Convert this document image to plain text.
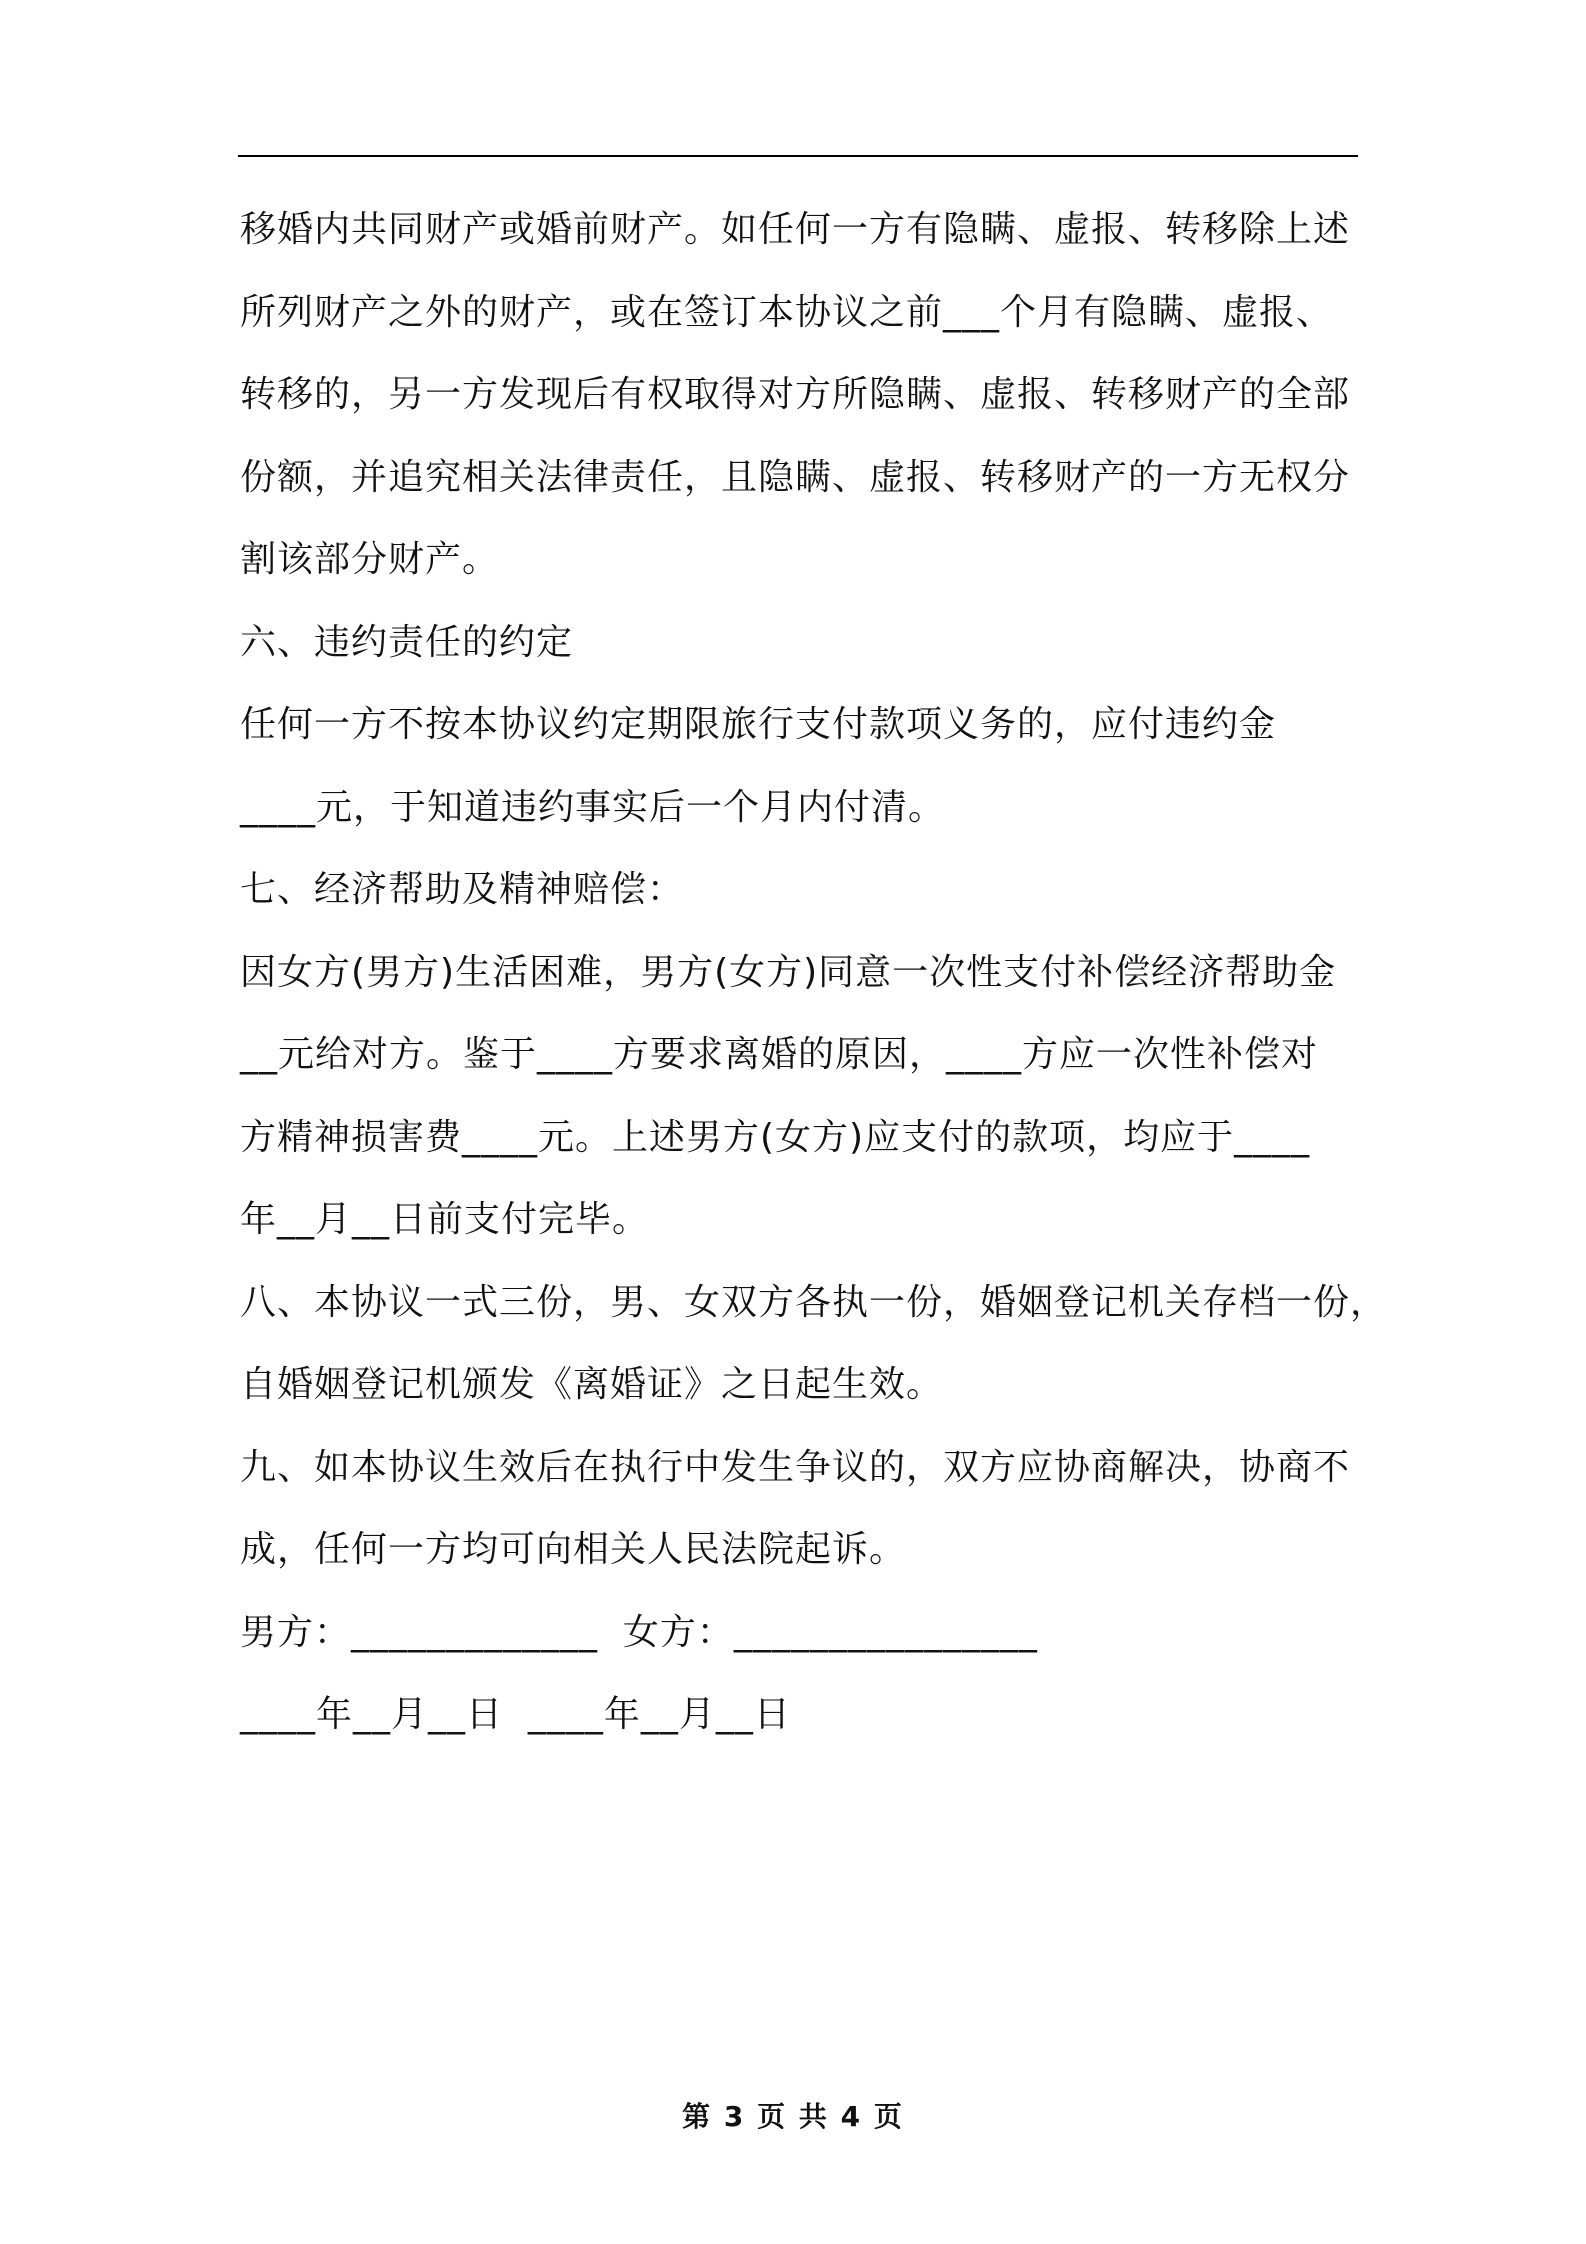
移婚内共同财产或婚前财产。如任何一方有隐瞒、虚报、转移除上述
所列财产之外的财产，或在签订本协议之前___个月有隐瞒、虚报、
转移的，另一方发现后有权取得对方所隐瞒、虚报、转移财产的全部
份额，并追究相关法律责任，且隐瞒、虚报、转移财产的一方无权分
割该部分财产。
六、违约责任的约定
任何一方不按本协议约定期限旅行支付款项义务的，应付违约金
____元，于知道违约事实后一个月内付清。
七、经济帮助及精神赔偿：
因女方(男方)生活困难，男方(女方)同意一次性支付补偿经济帮助金
__元给对方。鉴于____方要求离婚的原因，____方应一次性补偿对
方精神损害费____元。上述男方(女方)应支付的款项，均应于____
年__月__日前支付完毕。
八、本协议一式三份，男、女双方各执一份，婚姻登记机关存档一份，
自婚姻登记机颁发《离婚证》之日起生效。
九、如本协议生效后在执行中发生争议的，双方应协商解决，协商不
成，任何一方均可向相关人民法院起诉。
男方：_____________  女方：________________
____年__月__日  ____年__月__日
第 3 页 共 4 页
